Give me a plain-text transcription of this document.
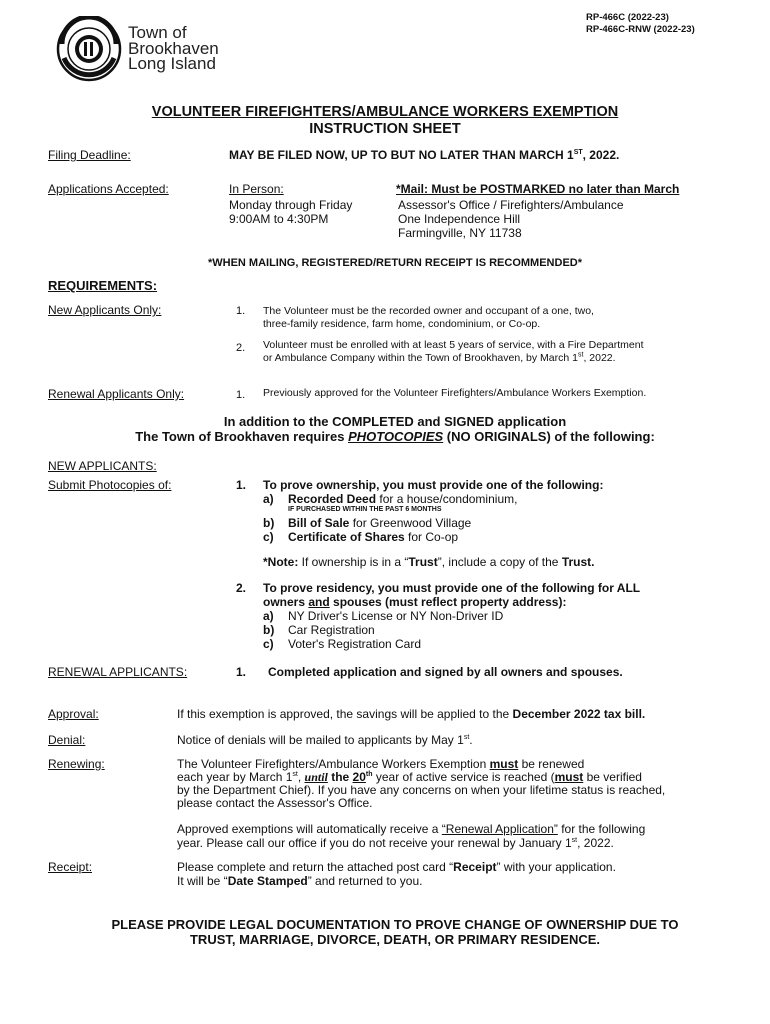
RP-466C (2022-23)
RP-466C-RNW (2022-23)
Town of
Brookhaven
Long Island
VOLUNTEER FIREFIGHTERS/AMBULANCE WORKERS EXEMPTION
INSTRUCTION SHEET
Filing Deadline:	MAY BE FILED NOW, UP TO BUT NO LATER THAN MARCH 1ST, 2022.
Applications Accepted:	In Person:
Monday through Friday
9:00AM to 4:30PM
*Mail: Must be POSTMARKED no later than March
Assessor's Office / Firefighters/Ambulance
One Independence Hill
Farmingville, NY 11738
*WHEN MAILING, REGISTERED/RETURN RECEIPT IS RECOMMENDED*
REQUIREMENTS:
New Applicants Only:	1. The Volunteer must be the recorded owner and occupant of a one, two,
three-family residence, farm home, condominium, or Co-op.
2. Volunteer must be enrolled with at least 5 years of service, with a Fire Department
or Ambulance Company within the Town of Brookhaven, by March 1st, 2022.
Renewal Applicants Only:	1. Previously approved for the Volunteer Firefighters/Ambulance Workers Exemption.
In addition to the COMPLETED and SIGNED application
The Town of Brookhaven requires PHOTOCOPIES (NO ORIGINALS) of the following:
NEW APPLICANTS:
Submit Photocopies of:	1. To prove ownership, you must provide one of the following:
a) Recorded Deed for a house/condominium,
IF PURCHASED WITHIN THE PAST 6 MONTHS
b) Bill of Sale for Greenwood Village
c) Certificate of Shares for Co-op
*Note: If ownership is in a “Trust”, include a copy of the Trust.
2. To prove residency, you must provide one of the following for ALL
owners and spouses (must reflect property address):
a) NY Driver's License or NY Non-Driver ID
b) Car Registration
c) Voter's Registration Card
RENEWAL APPLICANTS:	1. Completed application and signed by all owners and spouses.
Approval:	If this exemption is approved, the savings will be applied to the December 2022 tax bill.
Denial:	Notice of denials will be mailed to applicants by May 1st.
Renewing:	The Volunteer Firefighters/Ambulance Workers Exemption must be renewed
each year by March 1st, until the 20th year of active service is reached (must be verified
by the Department Chief). If you have any concerns on when your lifetime status is reached,
please contact the Assessor's Office.
Approved exemptions will automatically receive a “Renewal Application” for the following
year. Please call our office if you do not receive your renewal by January 1st, 2022.
Receipt:	Please complete and return the attached post card “Receipt” with your application.
It will be “Date Stamped” and returned to you.
PLEASE PROVIDE LEGAL DOCUMENTATION TO PROVE CHANGE OF OWNERSHIP DUE TO
TRUST, MARRIAGE, DIVORCE, DEATH, OR PRIMARY RESIDENCE.
